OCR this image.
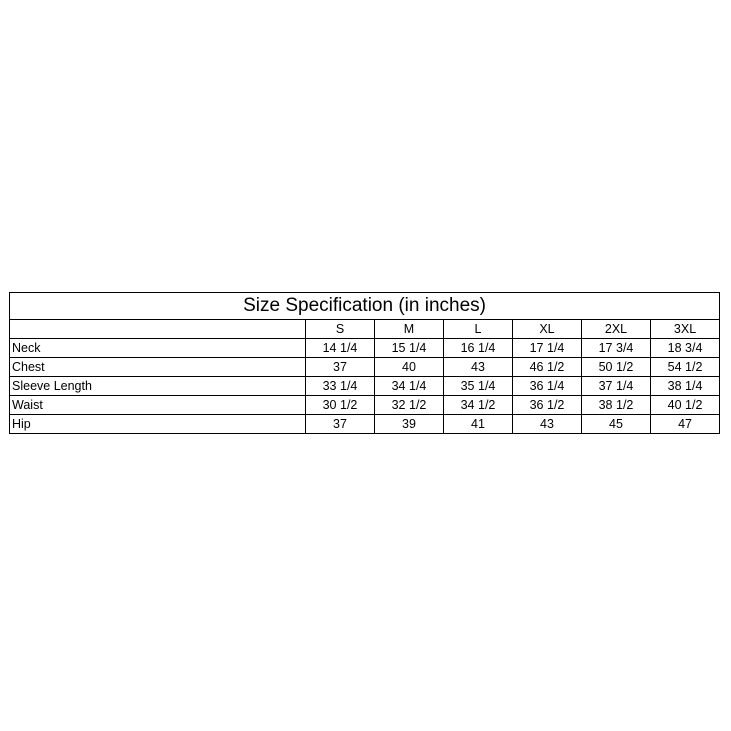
Size Specification (in inches)						
	S	M	L	XL	2XL	3XL
Neck	14 1/4	15 1/4	16 1/4	17 1/4	17 3/4	18 3/4
Chest	37	40	43	46 1/2	50 1/2	54 1/2
Sleeve Length	33 1/4	34 1/4	35 1/4	36 1/4	37 1/4	38 1/4
Waist	30 1/2	32 1/2	34 1/2	36 1/2	38 1/2	40 1/2
Hip	37	39	41	43	45	47
